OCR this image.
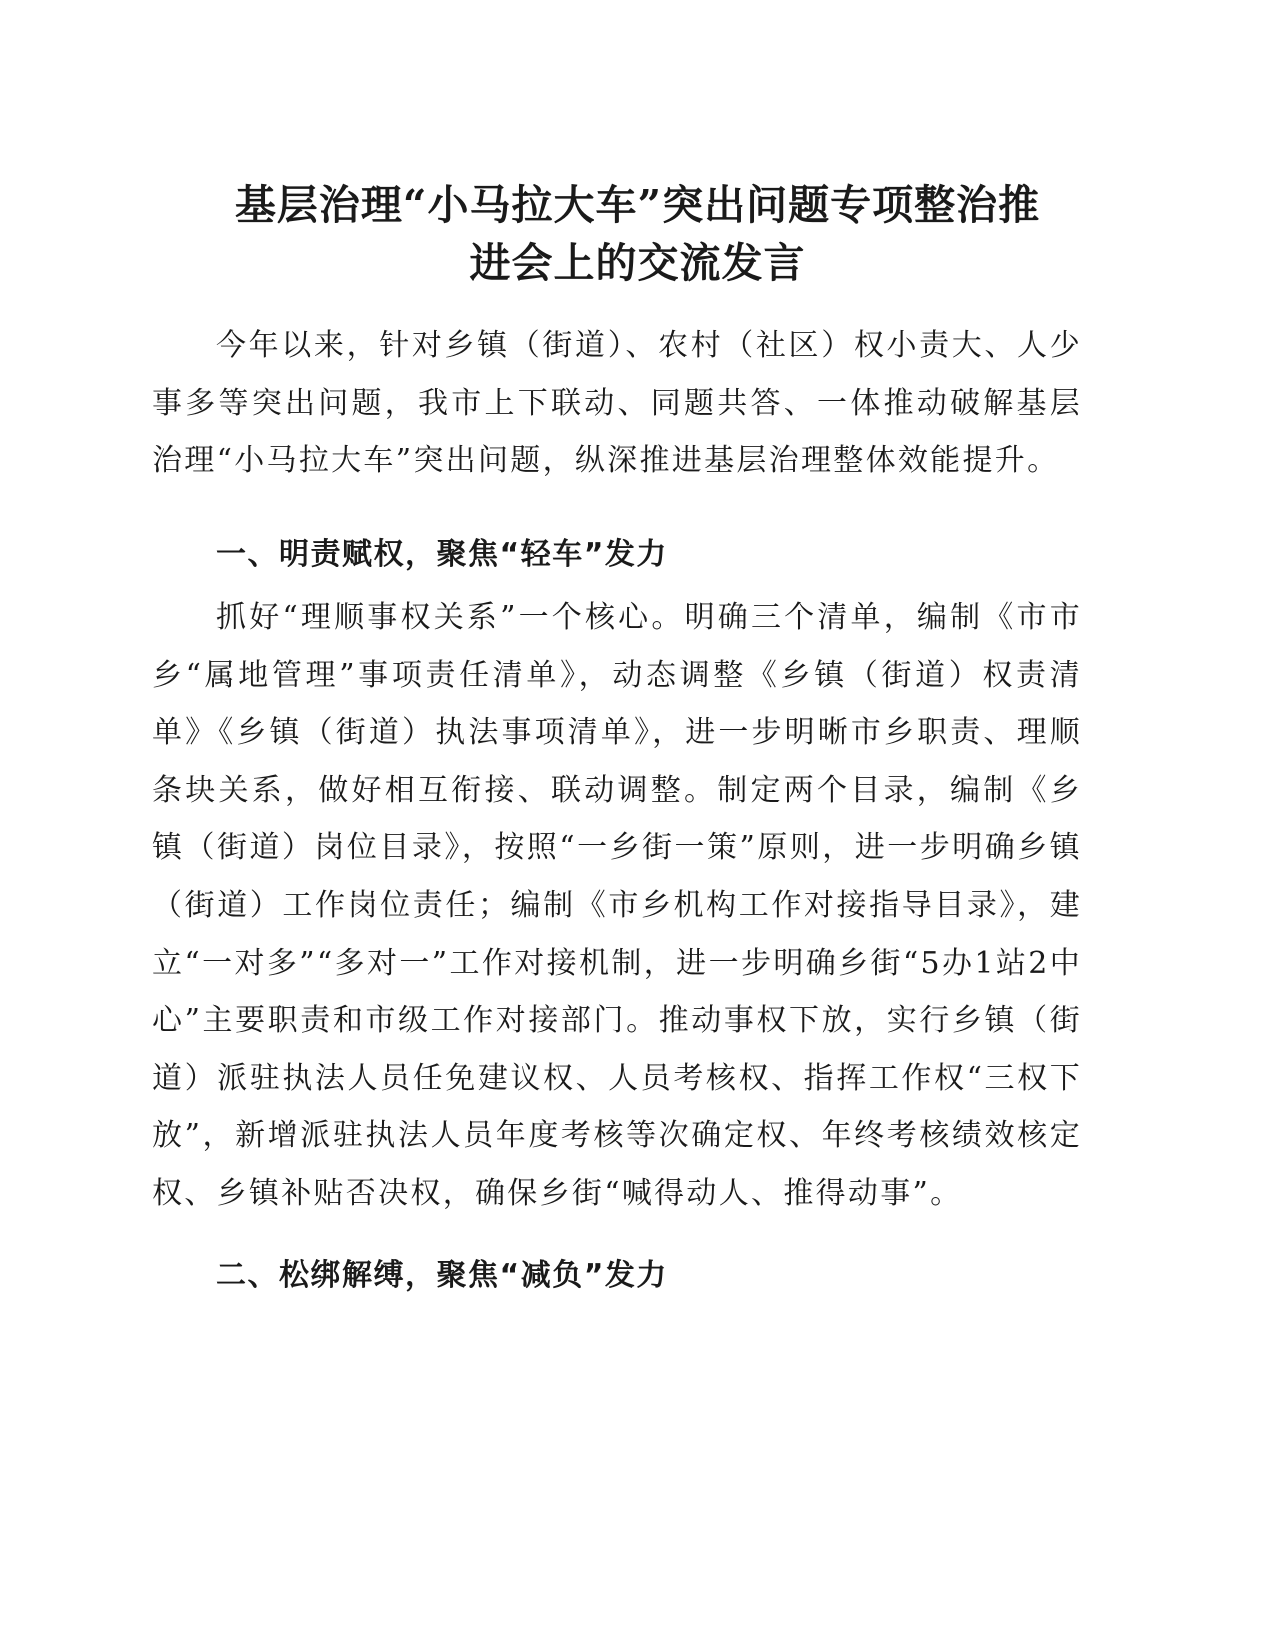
基层治理“小马拉大车”突出问题专项整治推
进会上的交流发言

今年以来，针对乡镇（街道）、农村（社区）权小责大、人少事多等突出问题，我市上下联动、同题共答、一体推动破解基层治理“小马拉大车”突出问题，纵深推进基层治理整体效能提升。

一、明责赋权，聚焦“轻车”发力

抓好“理顺事权关系”一个核心。明确三个清单，编制《市市乡“属地管理”事项责任清单》，动态调整《乡镇（街道）权责清单》《乡镇（街道）执法事项清单》，进一步明晰市乡职责、理顺条块关系，做好相互衔接、联动调整。制定两个目录，编制《乡镇（街道）岗位目录》，按照“一乡街一策”原则，进一步明确乡镇（街道）工作岗位责任；编制《市乡机构工作对接指导目录》，建立“一对多”“多对一”工作对接机制，进一步明确乡街“5办1站2中心”主要职责和市级工作对接部门。推动事权下放，实行乡镇（街道）派驻执法人员任免建议权、人员考核权、指挥工作权“三权下放”，新增派驻执法人员年度考核等次确定权、年终考核绩效核定权、乡镇补贴否决权，确保乡街“喊得动人、推得动事”。

二、松绑解缚，聚焦“减负”发力
